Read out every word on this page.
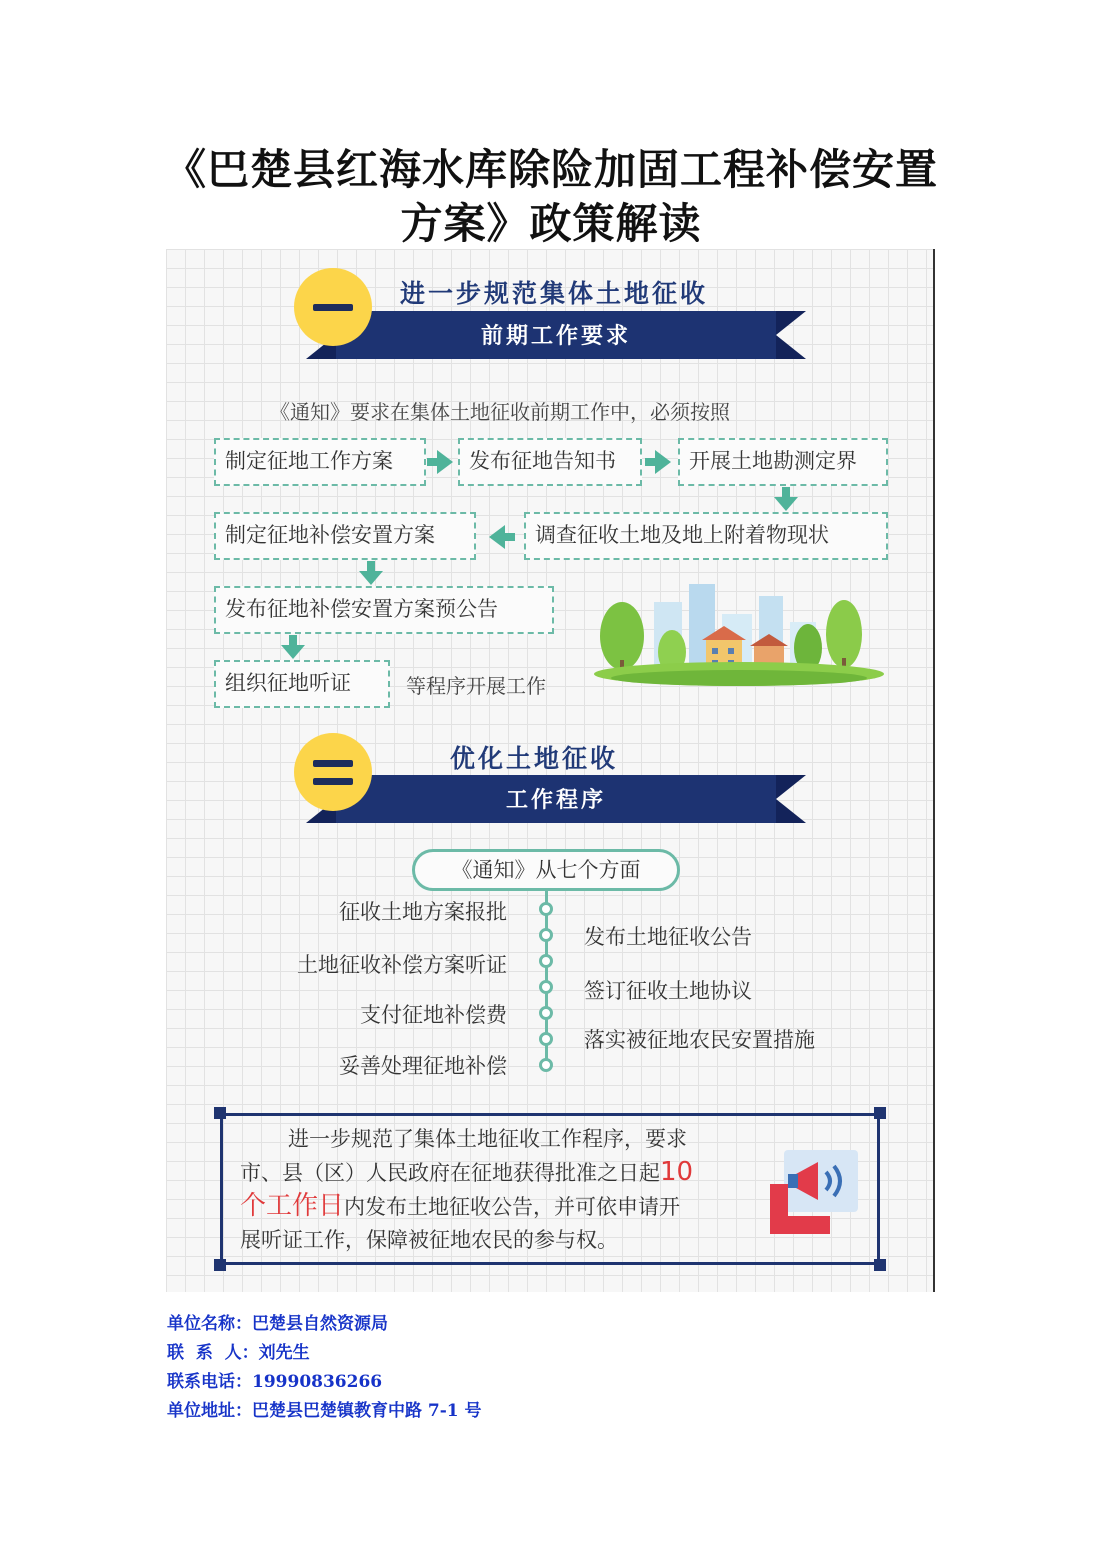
《巴楚县红海水库除险加固工程补偿安置
方案》政策解读
进一步规范集体土地征收
前期工作要求
《通知》要求在集体土地征收前期工作中，必须按照
制定征地工作方案	发布征地告知书	开展土地勘测定界
制定征地补偿安置方案	调查征收土地及地上附着物现状
发布征地补偿安置方案预公告
组织征地听证	等程序开展工作
优化土地征收
工作程序
《通知》从七个方面
征收土地方案报批
土地征收补偿方案听证
支付征地补偿费
妥善处理征地补偿
发布土地征收公告
签订征收土地协议
落实被征地农民安置措施
进一步规范了集体土地征收工作程序，要求
市、县（区）人民政府在征地获得批准之日起10
个工作日内发布土地征收公告，并可依申请开
展听证工作，保障被征地农民的参与权。
单位名称：巴楚县自然资源局
联  系  人：刘先生
联系电话：19990836266
单位地址：巴楚县巴楚镇教育中路 7-1 号
